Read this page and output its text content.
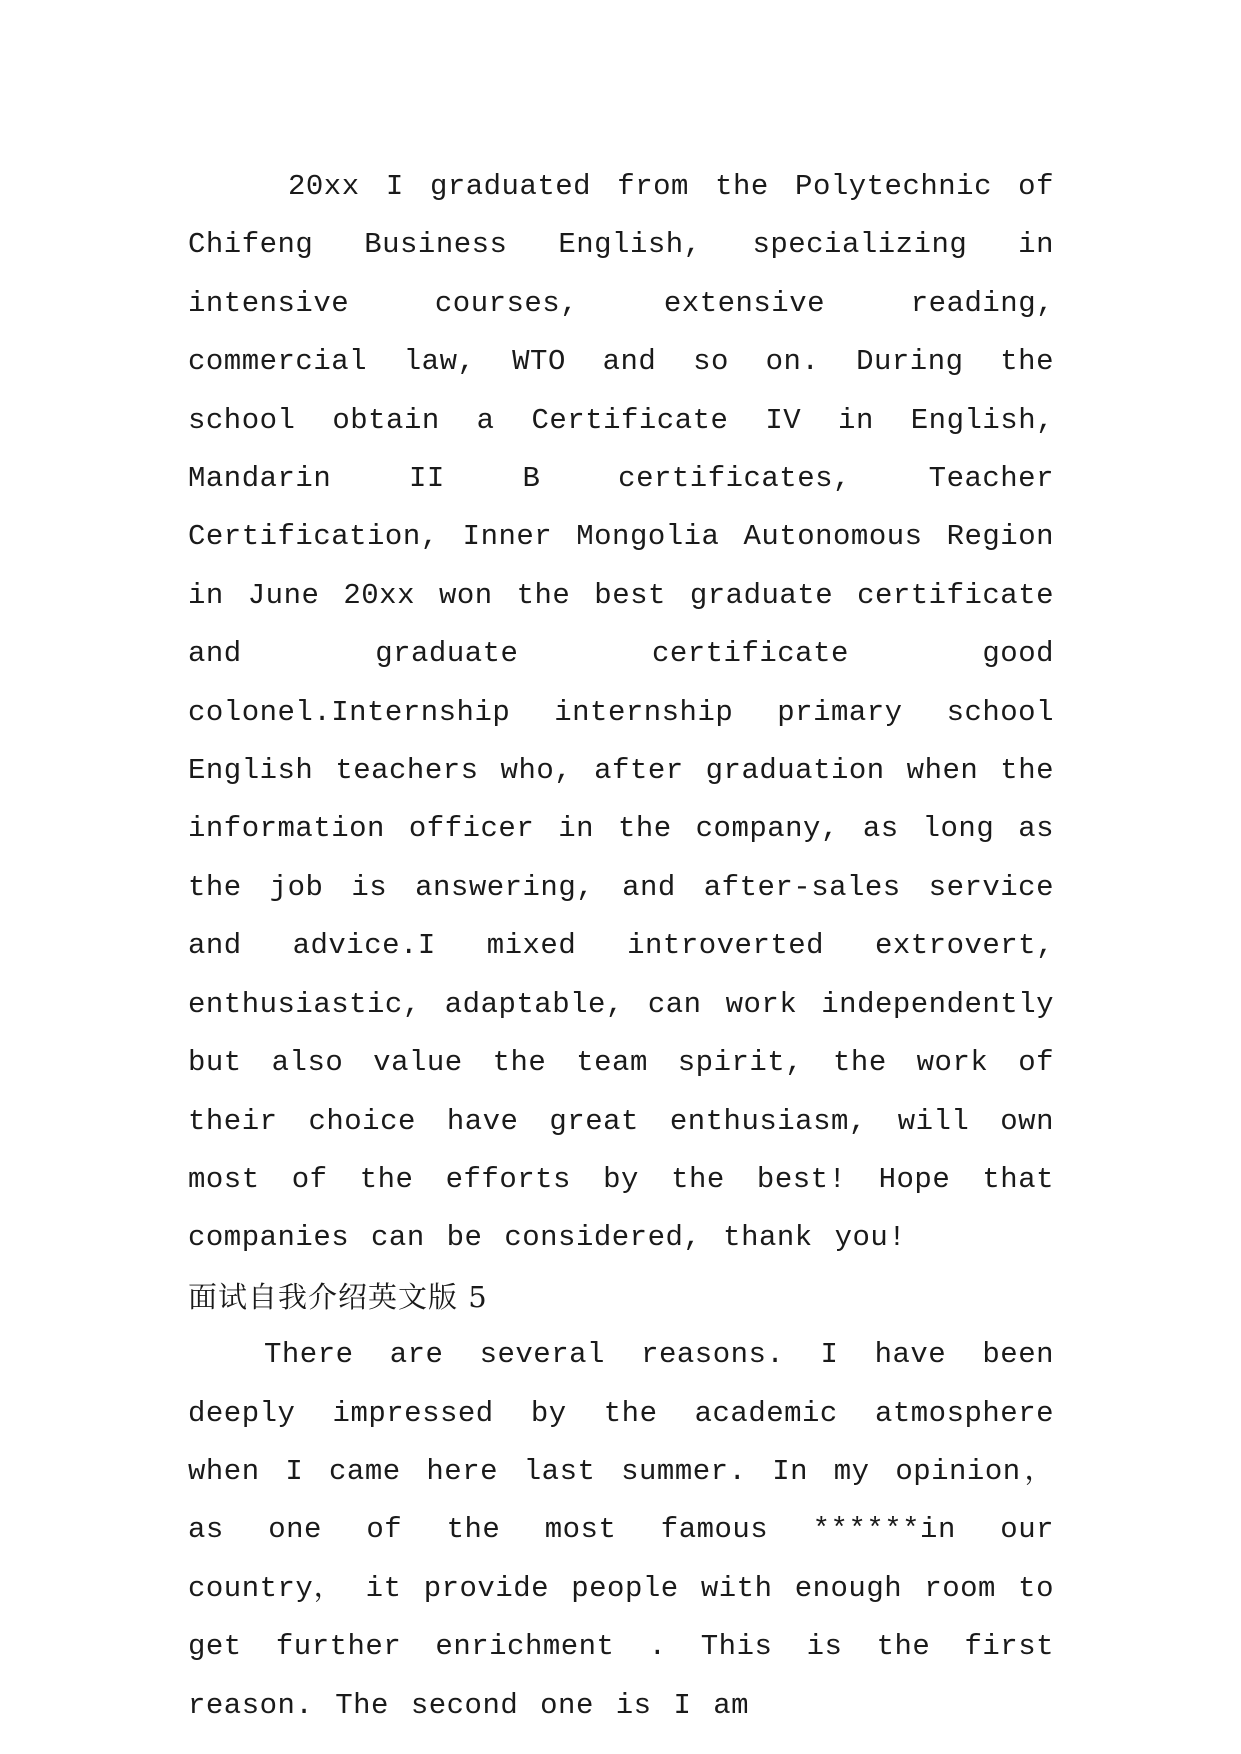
20xx I graduated from the Polytechnic of Chifeng Business English, specializing in intensive courses, extensive reading, commercial law, WTO and so on. During the school obtain a Certificate IV in English, Mandarin II B certificates, Teacher Certification, Inner Mongolia Autonomous Region in June 20xx won the best graduate certificate and graduate certificate good colonel.Internship internship primary school English teachers who, after graduation when the information officer in the company, as long as the job is answering, and after-sales service and advice.I mixed introverted extrovert, enthusiastic, adaptable, can work independently but also value the team spirit, the work of their choice have great enthusiasm, will own most of the efforts by the best! Hope that companies can be considered, thank you!

面试自我介绍英文版 5

There are several reasons. I have been deeply impressed by the academic atmosphere when I came here last summer. In my opinion， as one of the most famous ******in our country， it provide people with enough room to get further enrichment . This is the first reason. The second one is I am
